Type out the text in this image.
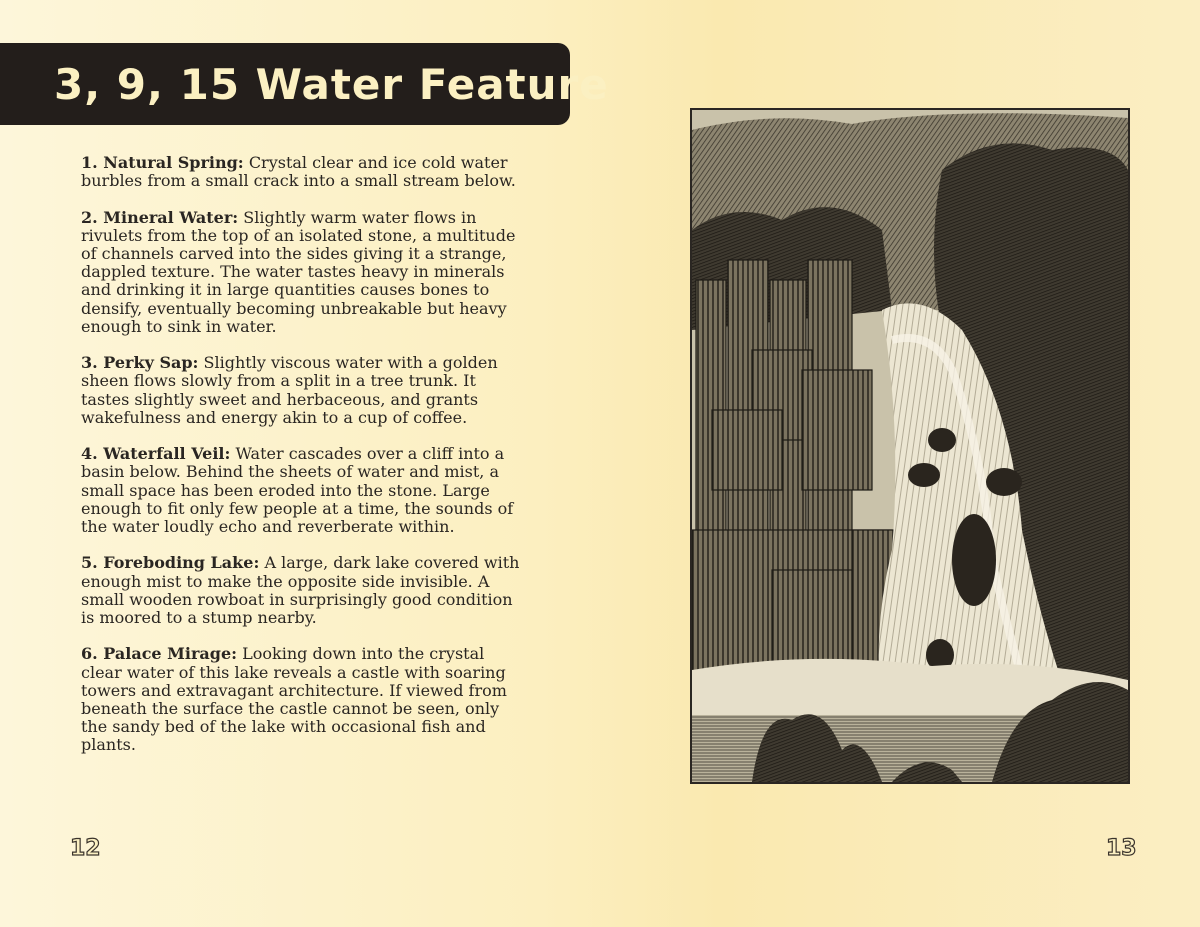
3, 9, 15 Water Feature

1. Natural Spring: Crystal clear and ice cold water burbles from a small crack into a small stream below.

2. Mineral Water: Slightly warm water flows in rivulets from the top of an isolated stone, a multitude of channels carved into the sides giving it a strange, dappled texture. The water tastes heavy in minerals and drinking it in large quantities causes bones to densify, eventually becoming unbreakable but heavy enough to sink in water.

3. Perky Sap: Slightly viscous water with a golden sheen flows slowly from a split in a tree trunk. It tastes slightly sweet and herbaceous, and grants wakefulness and energy akin to a cup of coffee.

4. Waterfall Veil: Water cascades over a cliff into a basin below. Behind the sheets of water and mist, a small space has been eroded into the stone. Large enough to fit only few people at a time, the sounds of the water loudly echo and reverberate within.

5. Foreboding Lake: A large, dark lake covered with enough mist to make the opposite side invisible. A small wooden rowboat in surprisingly good condition is moored to a stump nearby.

6. Palace Mirage: Looking down into the crystal clear water of this lake reveals a castle with soaring towers and extravagant architecture. If viewed from beneath the surface the castle cannot be seen, only the sandy bed of the lake with occasional fish and plants.

12	13
